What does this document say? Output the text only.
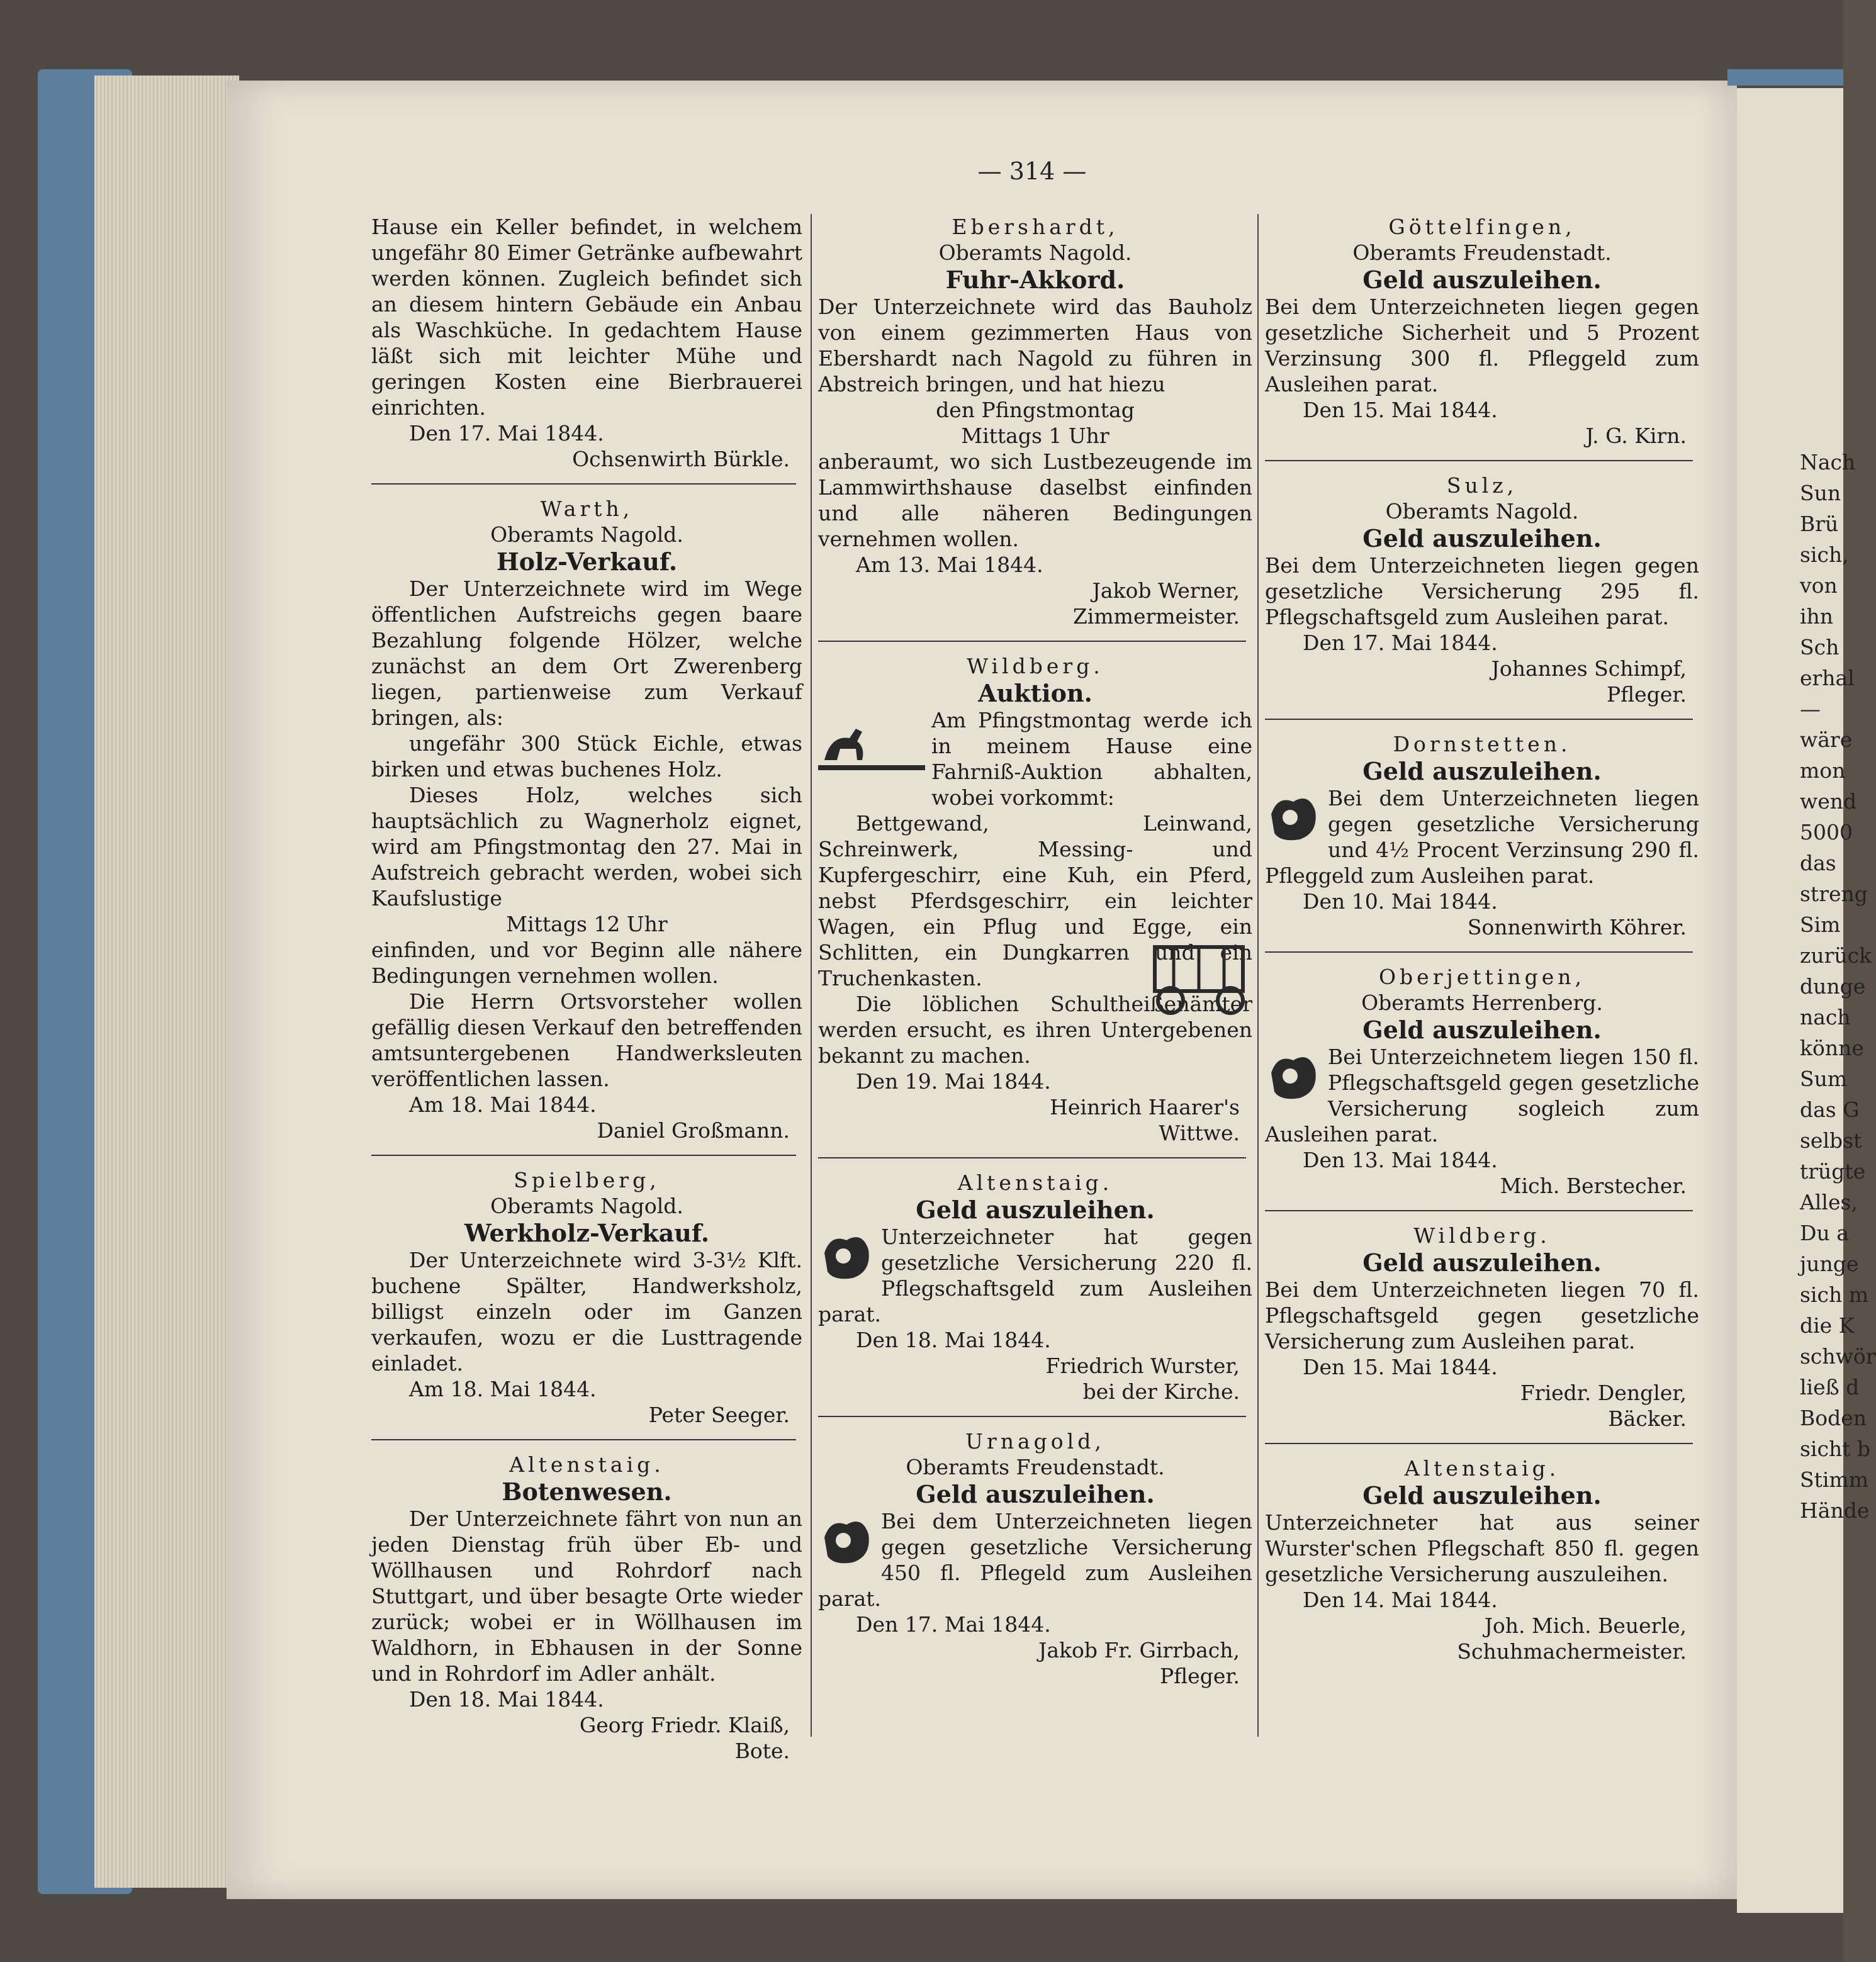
Nach
Sun
Brü
sich,
von
ihn
Sch
erhal
—
wäre
mon
wend
5000
das
streng
Sim
zurück
dunge
nach
könne
Sum
das G
selbst
trügte
Alles,
Du a
junge
sich m
die K
schwör
ließ d
Boden
sicht b
Stimm
Hände
— 314 —

Hause ein Keller befindet, in welchem ungefähr 80 Eimer Getränke aufbewahrt werden können. Zugleich befindet sich an diesem hintern Gebäude ein Anbau als Waschküche. In gedachtem Hause läßt sich mit leichter Mühe und geringen Kosten eine Bierbrauerei einrichten.

Den 17. Mai 1844.

Ochsenwirth Bürkle.

Warth,

Oberamts Nagold.

Holz-Verkauf.

Der Unterzeichnete wird im Wege öffentlichen Aufstreichs gegen baare Bezahlung folgende Hölzer, welche zunächst an dem Ort Zwerenberg liegen, partienweise zum Verkauf bringen, als:

ungefähr 300 Stück Eichle, etwas birken und etwas buchenes Holz.

Dieses Holz, welches sich hauptsächlich zu Wagnerholz eignet, wird am Pfingstmontag den 27. Mai in Aufstreich gebracht werden, wobei sich Kaufslustige

Mittags 12 Uhr

einfinden, und vor Beginn alle nähere Bedingungen vernehmen wollen.

Die Herrn Ortsvorsteher wollen gefällig diesen Verkauf den betreffenden amtsuntergebenen Handwerksleuten veröffentlichen lassen.

Am 18. Mai 1844.

Daniel Großmann.

Spielberg,

Oberamts Nagold.

Werkholz-Verkauf.

Der Unterzeichnete wird 3-3½ Klft. buchene Spälter, Handwerksholz, billigst einzeln oder im Ganzen verkaufen, wozu er die Lusttragende einladet.

Am 18. Mai 1844.

Peter Seeger.

Altenstaig.

Botenwesen.

Der Unterzeichnete fährt von nun an jeden Dienstag früh über Eb- und Wöllhausen und Rohrdorf nach Stuttgart, und über besagte Orte wieder zurück; wobei er in Wöllhausen im Waldhorn, in Ebhausen in der Sonne und in Rohrdorf im Adler anhält.

Den 18. Mai 1844.

Georg Friedr. Klaiß,

Bote.

Ebershardt,

Oberamts Nagold.

Fuhr-Akkord.

Der Unterzeichnete wird das Bauholz von einem gezimmerten Haus von Ebershardt nach Nagold zu führen in Abstreich bringen, und hat hiezu

den Pfingstmontag

Mittags 1 Uhr

anberaumt, wo sich Lustbezeugende im Lammwirthshause daselbst einfinden und alle näheren Bedingungen vernehmen wollen.

Am 13. Mai 1844.

Jakob Werner,

Zimmermeister.

Wildberg.

Auktion.

Am Pfingstmontag werde ich in meinem Hause eine Fahrniß-Auktion abhalten, wobei vorkommt:

Bettgewand, Leinwand, Schreinwerk, Messing- und Kupfergeschirr, eine Kuh, ein Pferd, nebst Pferdsgeschirr, ein leichter Wagen, ein Pflug und Egge, ein Schlitten, ein Dungkarren und ein Truchenkasten.

Die löblichen Schultheißenämter werden ersucht, es ihren Untergebenen bekannt zu machen.

Den 19. Mai 1844.

Heinrich Haarer's

Wittwe.

Altenstaig.

Geld auszuleihen.

Unterzeichneter hat gegen gesetzliche Versicherung 220 fl. Pflegschaftsgeld zum Ausleihen parat.

Den 18. Mai 1844.

Friedrich Wurster,

bei der Kirche.

Urnagold,

Oberamts Freudenstadt.

Geld auszuleihen.

Bei dem Unterzeichneten liegen gegen gesetzliche Versicherung 450 fl. Pflegeld zum Ausleihen parat.

Den 17. Mai 1844.

Jakob Fr. Girrbach,

Pfleger.

Göttelfingen,

Oberamts Freudenstadt.

Geld auszuleihen.

Bei dem Unterzeichneten liegen gegen gesetzliche Sicherheit und 5 Prozent Verzinsung 300 fl. Pfleggeld zum Ausleihen parat.

Den 15. Mai 1844.

J. G. Kirn.

Sulz,

Oberamts Nagold.

Geld auszuleihen.

Bei dem Unterzeichneten liegen gegen gesetzliche Versicherung 295 fl. Pflegschaftsgeld zum Ausleihen parat.

Den 17. Mai 1844.

Johannes Schimpf,

Pfleger.

Dornstetten.

Geld auszuleihen.

Bei dem Unterzeichneten liegen gegen gesetzliche Versicherung und 4½ Procent Verzinsung 290 fl. Pfleggeld zum Ausleihen parat.

Den 10. Mai 1844.

Sonnenwirth Köhrer.

Oberjettingen,

Oberamts Herrenberg.

Geld auszuleihen.

Bei Unterzeichnetem liegen 150 fl. Pflegschaftsgeld gegen gesetzliche Versicherung sogleich zum Ausleihen parat.

Den 13. Mai 1844.

Mich. Berstecher.

Wildberg.

Geld auszuleihen.

Bei dem Unterzeichneten liegen 70 fl. Pflegschaftsgeld gegen gesetzliche Versicherung zum Ausleihen parat.

Den 15. Mai 1844.

Friedr. Dengler,

Bäcker.

Altenstaig.

Geld auszuleihen.

Unterzeichneter hat aus seiner Wurster'schen Pflegschaft 850 fl. gegen gesetzliche Versicherung auszuleihen.

Den 14. Mai 1844.

Joh. Mich. Beuerle,

Schuhmachermeister.
